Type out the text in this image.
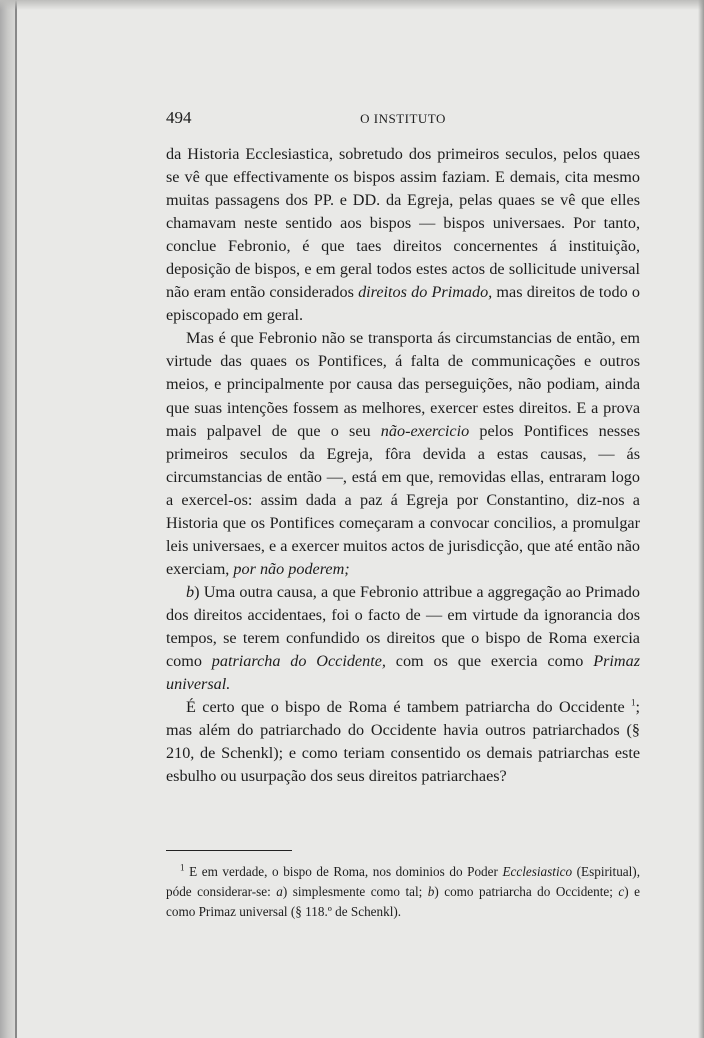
494	O INSTITUTO

da Historia Ecclesiastica, sobretudo dos primeiros seculos, pelos quaes se vê que effectivamente os bispos assim faziam. E demais, cita mesmo muitas passagens dos PP. e DD. da Egreja, pelas quaes se vê que elles chamavam neste sentido aos bispos — bispos universaes. Por tanto, conclue Febronio, é que taes direitos concernentes á instituição, deposição de bispos, e em geral todos estes actos de sollicitude universal não eram então considerados direitos do Primado, mas direitos de todo o episcopado em geral.

Mas é que Febronio não se transporta ás circumstancias de então, em virtude das quaes os Pontifices, á falta de communicações e outros meios, e principalmente por causa das perseguições, não podiam, ainda que suas intenções fossem as melhores, exercer estes direitos. E a prova mais palpavel de que o seu não-exercicio pelos Pontifices nesses primeiros seculos da Egreja, fôra devida a estas causas, — ás circumstancias de então —, está em que, removidas ellas, entraram logo a exercel-os: assim dada a paz á Egreja por Constantino, diz-nos a Historia que os Pontifices começaram a convocar concilios, a promulgar leis universaes, e a exercer muitos actos de jurisdicção, que até então não exerciam, por não poderem;

b) Uma outra causa, a que Febronio attribue a aggregação ao Primado dos direitos accidentaes, foi o facto de — em virtude da ignorancia dos tempos, se terem confundido os direitos que o bispo de Roma exercia como patriarcha do Occidente, com os que exercia como Primaz universal.

É certo que o bispo de Roma é tambem patriarcha do Occidente $^1$; mas além do patriarchado do Occidente havia outros patriarchados (§ 210, de Schenkl); e como teriam consentido os demais patriarchas este esbulho ou usurpação dos seus direitos patriarchaes?

$^1$ E em verdade, o bispo de Roma, nos dominios do Poder Ecclesiastico (Espiritual), póde considerar-se: a) simplesmente como tal; b) como patriarcha do Occidente; c) e como Primaz universal (§ 118.º de Schenkl).
